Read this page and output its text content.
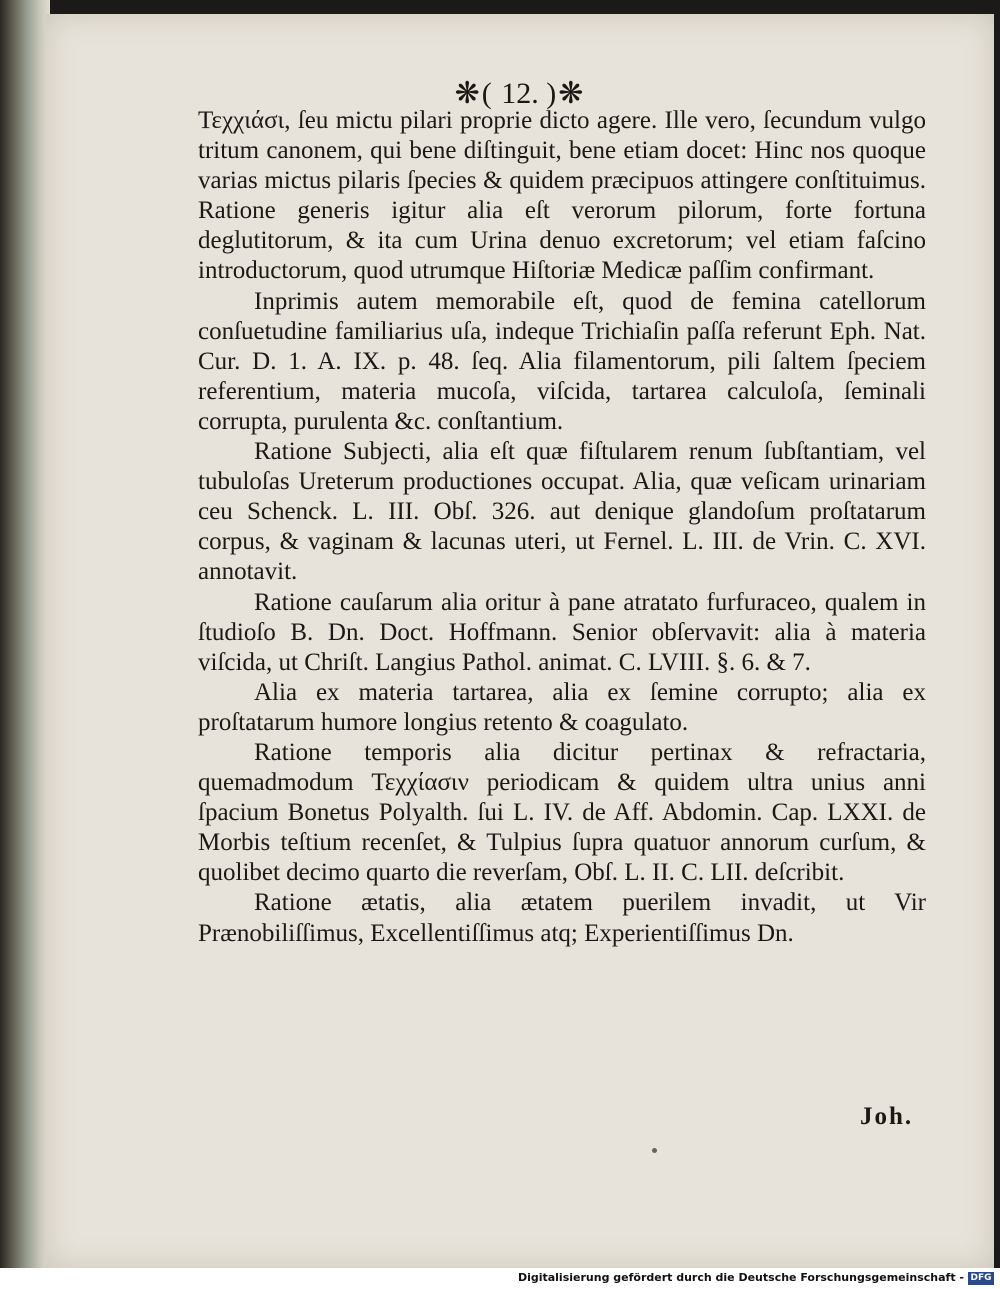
❋( 12. )❋

Τεχχιάσι, ſeu mictu pilari proprie dicto agere. Ille vero, ſecundum vulgo tritum canonem, qui bene diſtinguit, bene etiam docet: Hinc nos quoque varias mictus pilaris ſpecies & quidem præcipuos attingere conſtituimus. Ratione generis igitur alia eſt verorum pilorum, forte fortuna deglutitorum, & ita cum Urina denuo excretorum; vel etiam faſcino introductorum, quod utrumque Hiſtoriæ Medicæ paſſim confirmant.

Inprimis autem memorabile eſt, quod de femina catellorum conſuetudine familiarius uſa, indeque Trichiaſin paſſa referunt Eph. Nat. Cur. D. 1. A. IX. p. 48. ſeq. Alia filamentorum, pili ſaltem ſpeciem referentium, materia mucoſa, viſcida, tartarea calculoſa, ſeminali corrupta, purulenta &c. conſtantium.

Ratione Subjecti, alia eſt quæ fiſtularem renum ſubſtantiam, vel tubuloſas Ureterum productiones occupat. Alia, quæ veſicam urinariam ceu Schenck. L. III. Obſ. 326. aut denique glandoſum proſtatarum corpus, & vaginam & lacunas uteri, ut Fernel. L. III. de Vrin. C. XVI. annotavit.

Ratione cauſarum alia oritur à pane atratato furfuraceo, qualem in ſtudioſo B. Dn. Doct. Hoffmann. Senior obſervavit: alia à materia viſcida, ut Chriſt. Langius Pathol. animat. C. LVIII. §. 6. & 7.

Alia ex materia tartarea, alia ex ſemine corrupto; alia ex proſtatarum humore longius retento & coagulato.

Ratione temporis alia dicitur pertinax & refractaria, quemadmodum Τεχχίασιν periodicam & quidem ultra unius anni ſpacium Bonetus Polyalth. ſui L. IV. de Aff. Abdomin. Cap. LXXI. de Morbis teſtium recenſet, & Tulpius ſupra quatuor annorum curſum, & quolibet decimo quarto die reverſam, Obſ. L. II. C. LII. deſcribit.

Ratione ætatis, alia ætatem puerilem invadit, ut Vir Prænobiliſſimus, Excellentiſſimus atq; Experientiſſimus Dn.

Joh.
Digitalisierung gefördert durch die Deutsche Forschungsgemeinschaft - DFG
